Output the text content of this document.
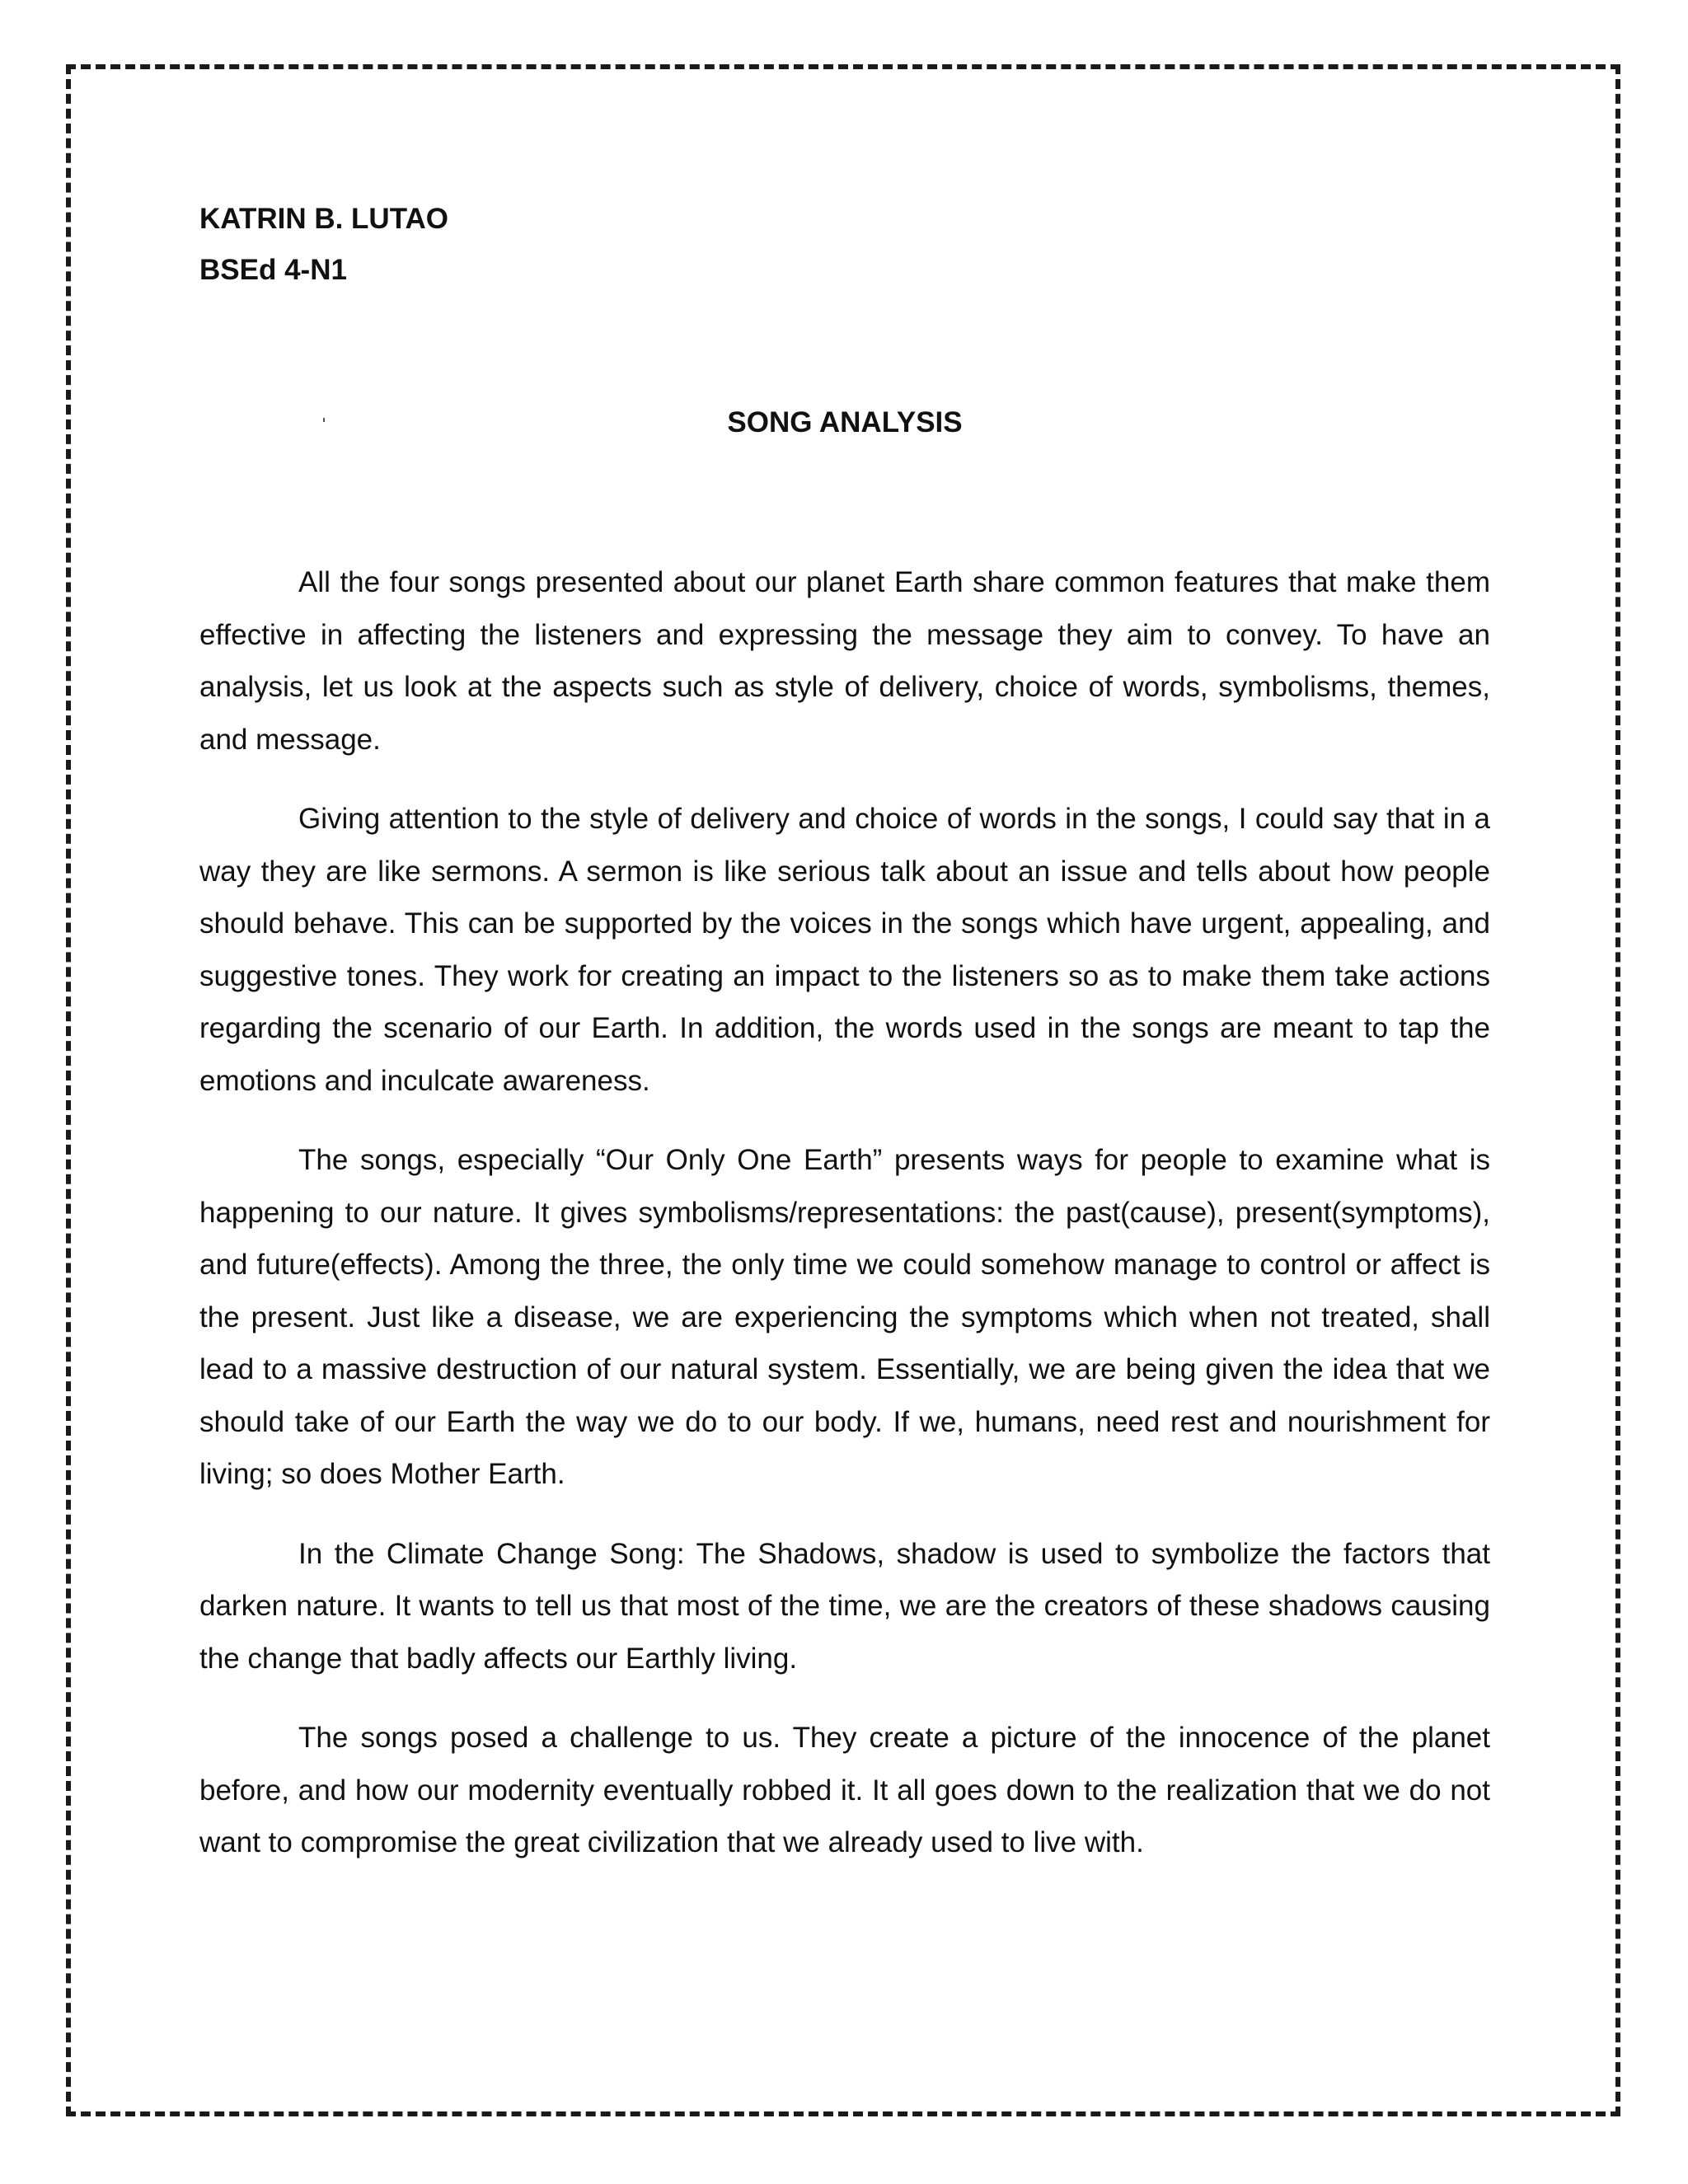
KATRIN B. LUTAO
BSEd 4-N1
SONG ANALYSIS

All the four songs presented about our planet Earth share common features that make them effective in affecting the listeners and expressing the message they aim to convey. To have an analysis, let us look at the aspects such as style of delivery, choice of words, symbolisms, themes, and message.

Giving attention to the style of delivery and choice of words in the songs, I could say that in a way they are like sermons. A sermon is like serious talk about an issue and tells about how people should behave. This can be supported by the voices in the songs which have urgent, appealing, and suggestive tones. They work for creating an impact to the listeners so as to make them take actions regarding the scenario of our Earth. In addition, the words used in the songs are meant to tap the emotions and inculcate awareness.

The songs, especially “Our Only One Earth” presents ways for people to examine what is happening to our nature. It gives symbolisms/representations: the past(cause), present(symptoms), and future(effects). Among the three, the only time we could somehow manage to control or affect is the present. Just like a disease, we are experiencing the symptoms which when not treated, shall lead to a massive destruction of our natural system. Essentially, we are being given the idea that we should take of our Earth the way we do to our body. If we, humans, need rest and nourishment for living; so does Mother Earth.

In the Climate Change Song: The Shadows, shadow is used to symbolize the factors that darken nature. It wants to tell us that most of the time, we are the creators of these shadows causing the change that badly affects our Earthly living.

The songs posed a challenge to us. They create a picture of the innocence of the planet before, and how our modernity eventually robbed it. It all goes down to the realization that we do not want to compromise the great civilization that we already used to live with.
